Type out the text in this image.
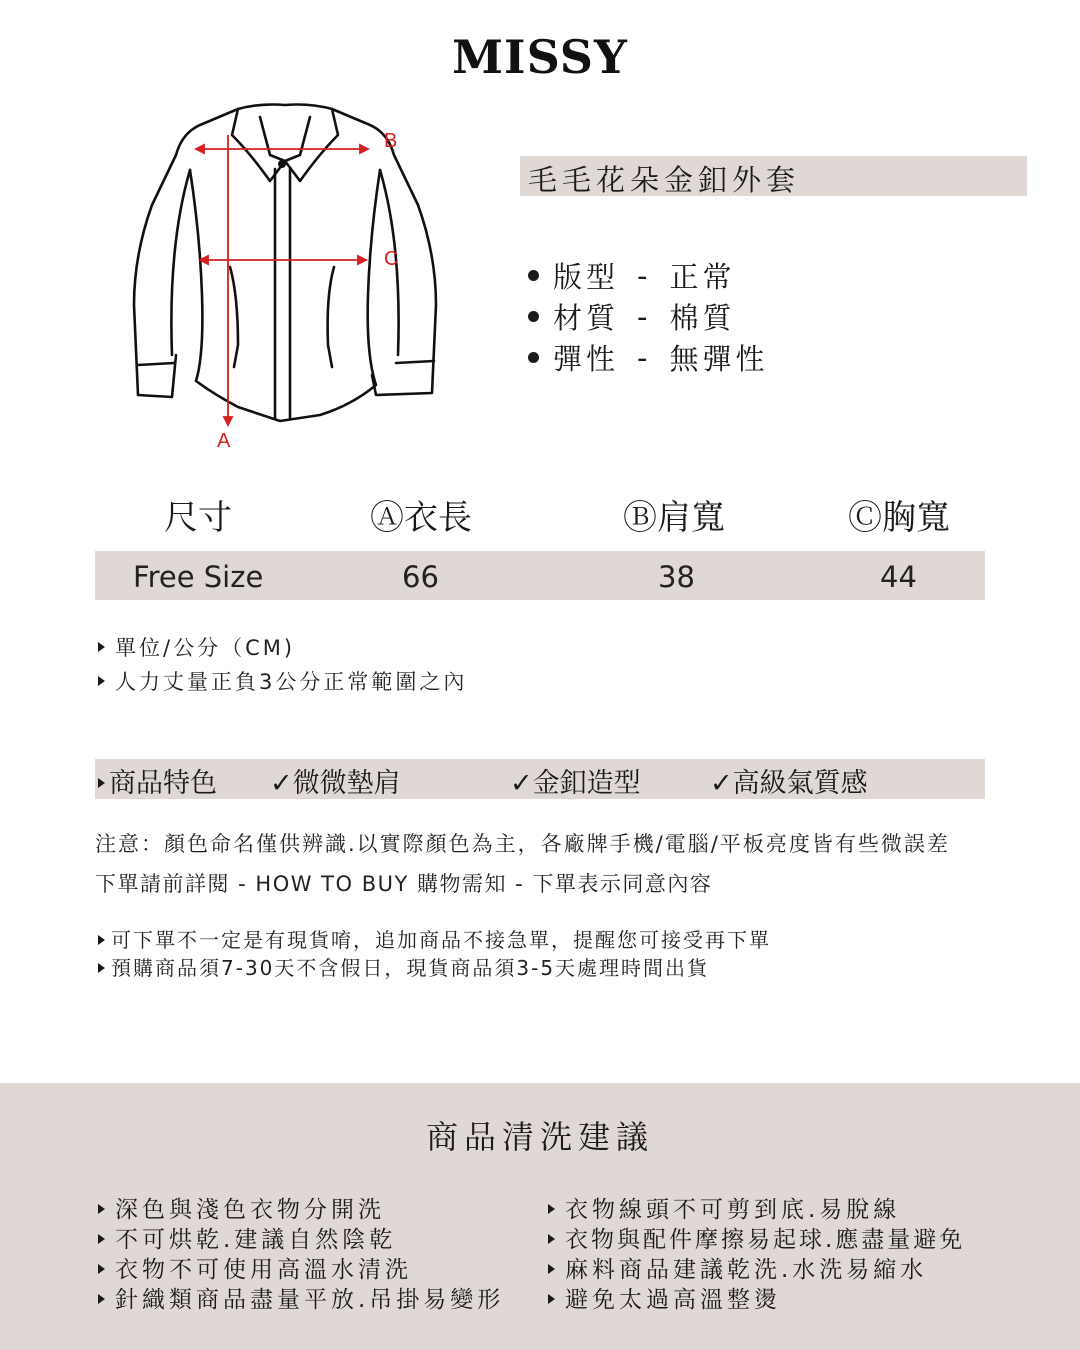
MISSY
B
C
A
毛毛花朵金釦外套
版型 - 正常
材質 - 棉質
彈性 - 無彈性
尺寸	Ⓐ衣長	Ⓑ肩寬	Ⓒ胸寬
Free Size	66	38	44
單位/公分（CM)
人力丈量正負3公分正常範圍之內
商品特色 ✓微微墊肩	✓金釦造型	✓高級氣質感
注意：顏色命名僅供辨識.以實際顏色為主，各廠牌手機/電腦/平板亮度皆有些微誤差
下單請前詳閱 - HOW TO BUY 購物需知 - 下單表示同意內容
可下單不一定是有現貨唷，追加商品不接急單，提醒您可接受再下單
預購商品須7-30天不含假日，現貨商品須3-5天處理時間出貨
商品清洗建議
深色與淺色衣物分開洗
不可烘乾.建議自然陰乾
衣物不可使用高溫水清洗
針織類商品盡量平放.吊掛易變形
衣物線頭不可剪到底.易脫線
衣物與配件摩擦易起球.應盡量避免
麻料商品建議乾洗.水洗易縮水
避免太過高溫整燙
